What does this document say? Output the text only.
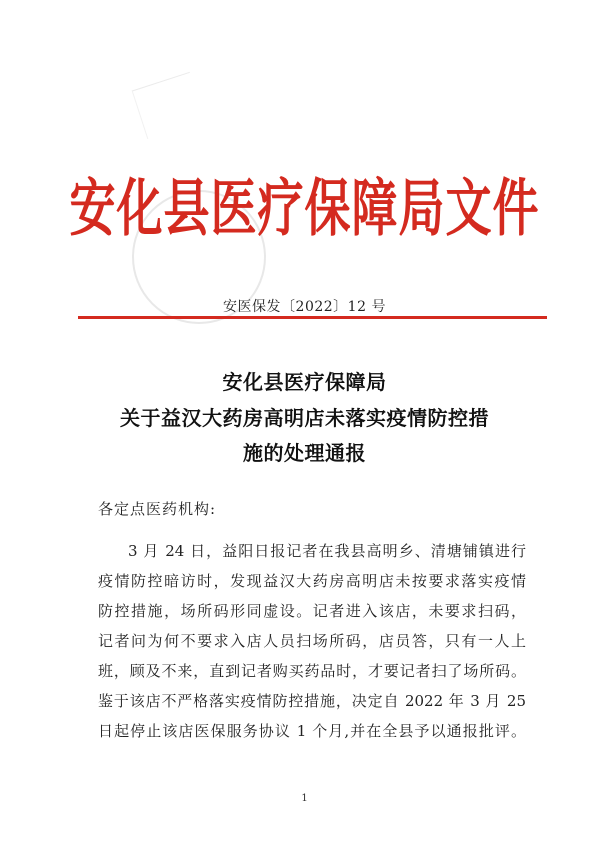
安化县医疗保障局文件
安医保发〔2022〕12 号
安化县医疗保障局
关于益汉大药房高明店未落实疫情防控措
施的处理通报
各定点医药机构:
3 月 24 日，益阳日报记者在我县高明乡、清塘铺镇进行
疫情防控暗访时，发现益汉大药房高明店未按要求落实疫情
防控措施，场所码形同虚设。记者进入该店，未要求扫码，
记者问为何不要求入店人员扫场所码，店员答，只有一人上
班，顾及不来，直到记者购买药品时，才要记者扫了场所码。
鉴于该店不严格落实疫情防控措施，决定自 2022 年 3 月 25
日起停止该店医保服务协议 1 个月,并在全县予以通报批评。
1
